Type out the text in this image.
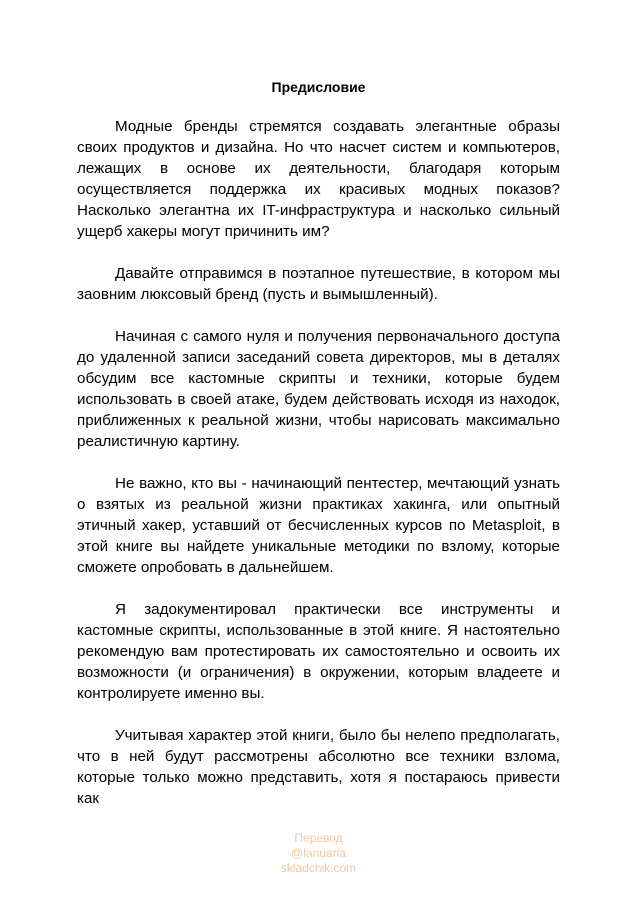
Предисловие

Модные бренды стремятся создавать элегантные образы своих продуктов и дизайна. Но что насчет систем и компьютеров, лежащих в основе их деятельности, благодаря которым осуществляется поддержка их красивых модных показов? Насколько элегантна их IT-инфраструктура и насколько сильный ущерб хакеры могут причинить им?

Давайте отправимся в поэтапное путешествие, в котором мы заовним люксовый бренд (пусть и вымышленный).

Начиная с самого нуля и получения первоначального доступа до удаленной записи заседаний совета директоров, мы в деталях обсудим все кастомные скрипты и техники, которые будем использовать в своей атаке, будем действовать исходя из находок, приближенных к реальной жизни, чтобы нарисовать максимально реалистичную картину.

Не важно, кто вы - начинающий пентестер, мечтающий узнать о взятых из реальной жизни практиках хакинга, или опытный этичный хакер, уставший от бесчисленных курсов по Metasploit, в этой книге вы найдете уникальные методики по взлому, которые сможете опробовать в дальнейшем.

Я задокументировал практически все инструменты и кастомные скрипты, использованные в этой книге. Я настоятельно рекомендую вам протестировать их самостоятельно и освоить их возможности (и ограничения) в окружении, которым владеете и контролируете именно вы.

Учитывая характер этой книги, было бы нелепо предполагать, что в ней будут рассмотрены абсолютно все техники взлома, которые только можно представить, хотя я постараюсь привести как

Перевод
@lanuaria
skladchik.com
